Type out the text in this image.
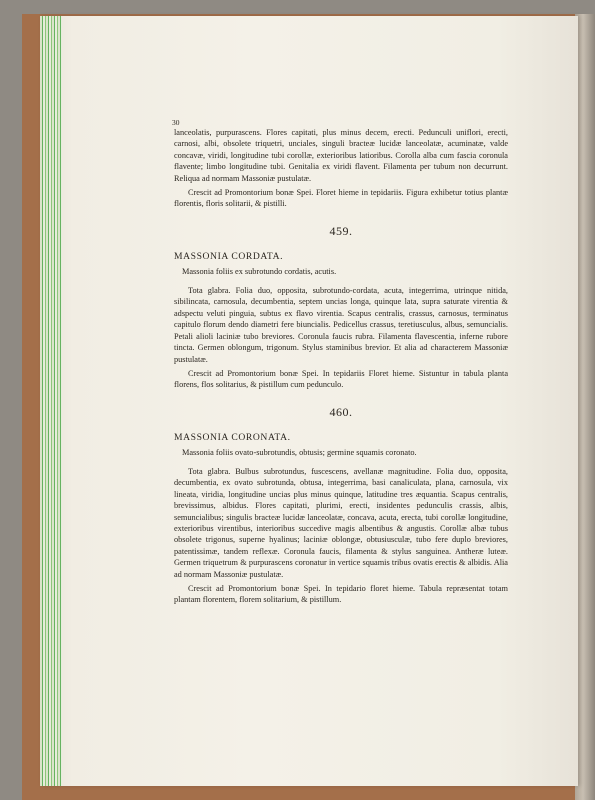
30

lanceolatis, purpurascens. Flores capitati, plus minus decem, erecti. Pedunculi uniflori, erecti, carnosi, albi, obsolete triquetri, unciales, singuli bracteæ lucidæ lanceolatæ, acuminatæ, valde concavæ, viridi, longitudine tubi corollæ, exterioribus latioribus. Corolla alba cum fascia coronula flavente; limbo longitudine tubi. Genitalia ex viridi flavent. Filamenta per tubum non decurrunt. Reliqua ad normam Massoniæ pustulatæ.

Crescit ad Promontorium bonæ Spei. Floret hieme in tepidariis. Figura exhibetur totius plantæ florentis, floris solitarii, & pistilli.

459.
MASSONIA CORDATA.

Massonia foliis ex subrotundo cordatis, acutis.

Tota glabra. Folia duo, opposita, subrotundo-cordata, acuta, integerrima, utrinque nitida, sibilincata, carnosula, decumbentia, septem uncias longa, quinque lata, supra saturate virentia & adspectu veluti pinguia, subtus ex flavo virentia. Scapus centralis, crassus, carnosus, terminatus capitulo florum dendo diametri fere biuncialis. Pedicellus crassus, teretiusculus, albus, semuncialis. Petali alioli laciniæ tubo breviores. Coronula faucis rubra. Filamenta flavescentia, inferne rubore tincta. Germen oblongum, trigonum. Stylus staminibus brevior. Et alia ad characterem Massoniæ pustulatæ.

Crescit ad Promontorium bonæ Spei. In tepidariis Floret hieme. Sistuntur in tabula planta florens, flos solitarius, & pistillum cum pedunculo.

460.
MASSONIA CORONATA.

Massonia foliis ovato-subrotundis, obtusis; germine squamis coronato.

Tota glabra. Bulbus subrotundus, fuscescens, avellanæ magnitudine. Folia duo, opposita, decumbentia, ex ovato subrotunda, obtusa, integerrima, basi canaliculata, plana, carnosula, vix lineata, viridia, longitudine uncias plus minus quinque, latitudine tres æquantia. Scapus centralis, brevissimus, albidus. Flores capitati, plurimi, erecti, insidentes pedunculis crassis, albis, semuncialibus; singulis bracteæ lucidæ lanceolatæ, concava, acuta, erecta, tubi corollæ longitudine, exterioribus virentibus, interioribus succedive magis albentibus & angustis. Corollæ albæ tubus obsolete trigonus, superne hyalinus; laciniæ oblongæ, obtusiusculæ, tubo fere duplo breviores, patentissimæ, tandem reflexæ. Coronula faucis, filamenta & stylus sanguinea. Antheræ luteæ. Germen triquetrum & purpurascens coronatur in vertice squamis tribus ovatis erectis & albidis. Alia ad normam Massoniæ pustulatæ.

Crescit ad Promontorium bonæ Spei. In tepidario floret hieme. Tabula repræsentat totam plantam florentem, florem solitarium, & pistillum.
